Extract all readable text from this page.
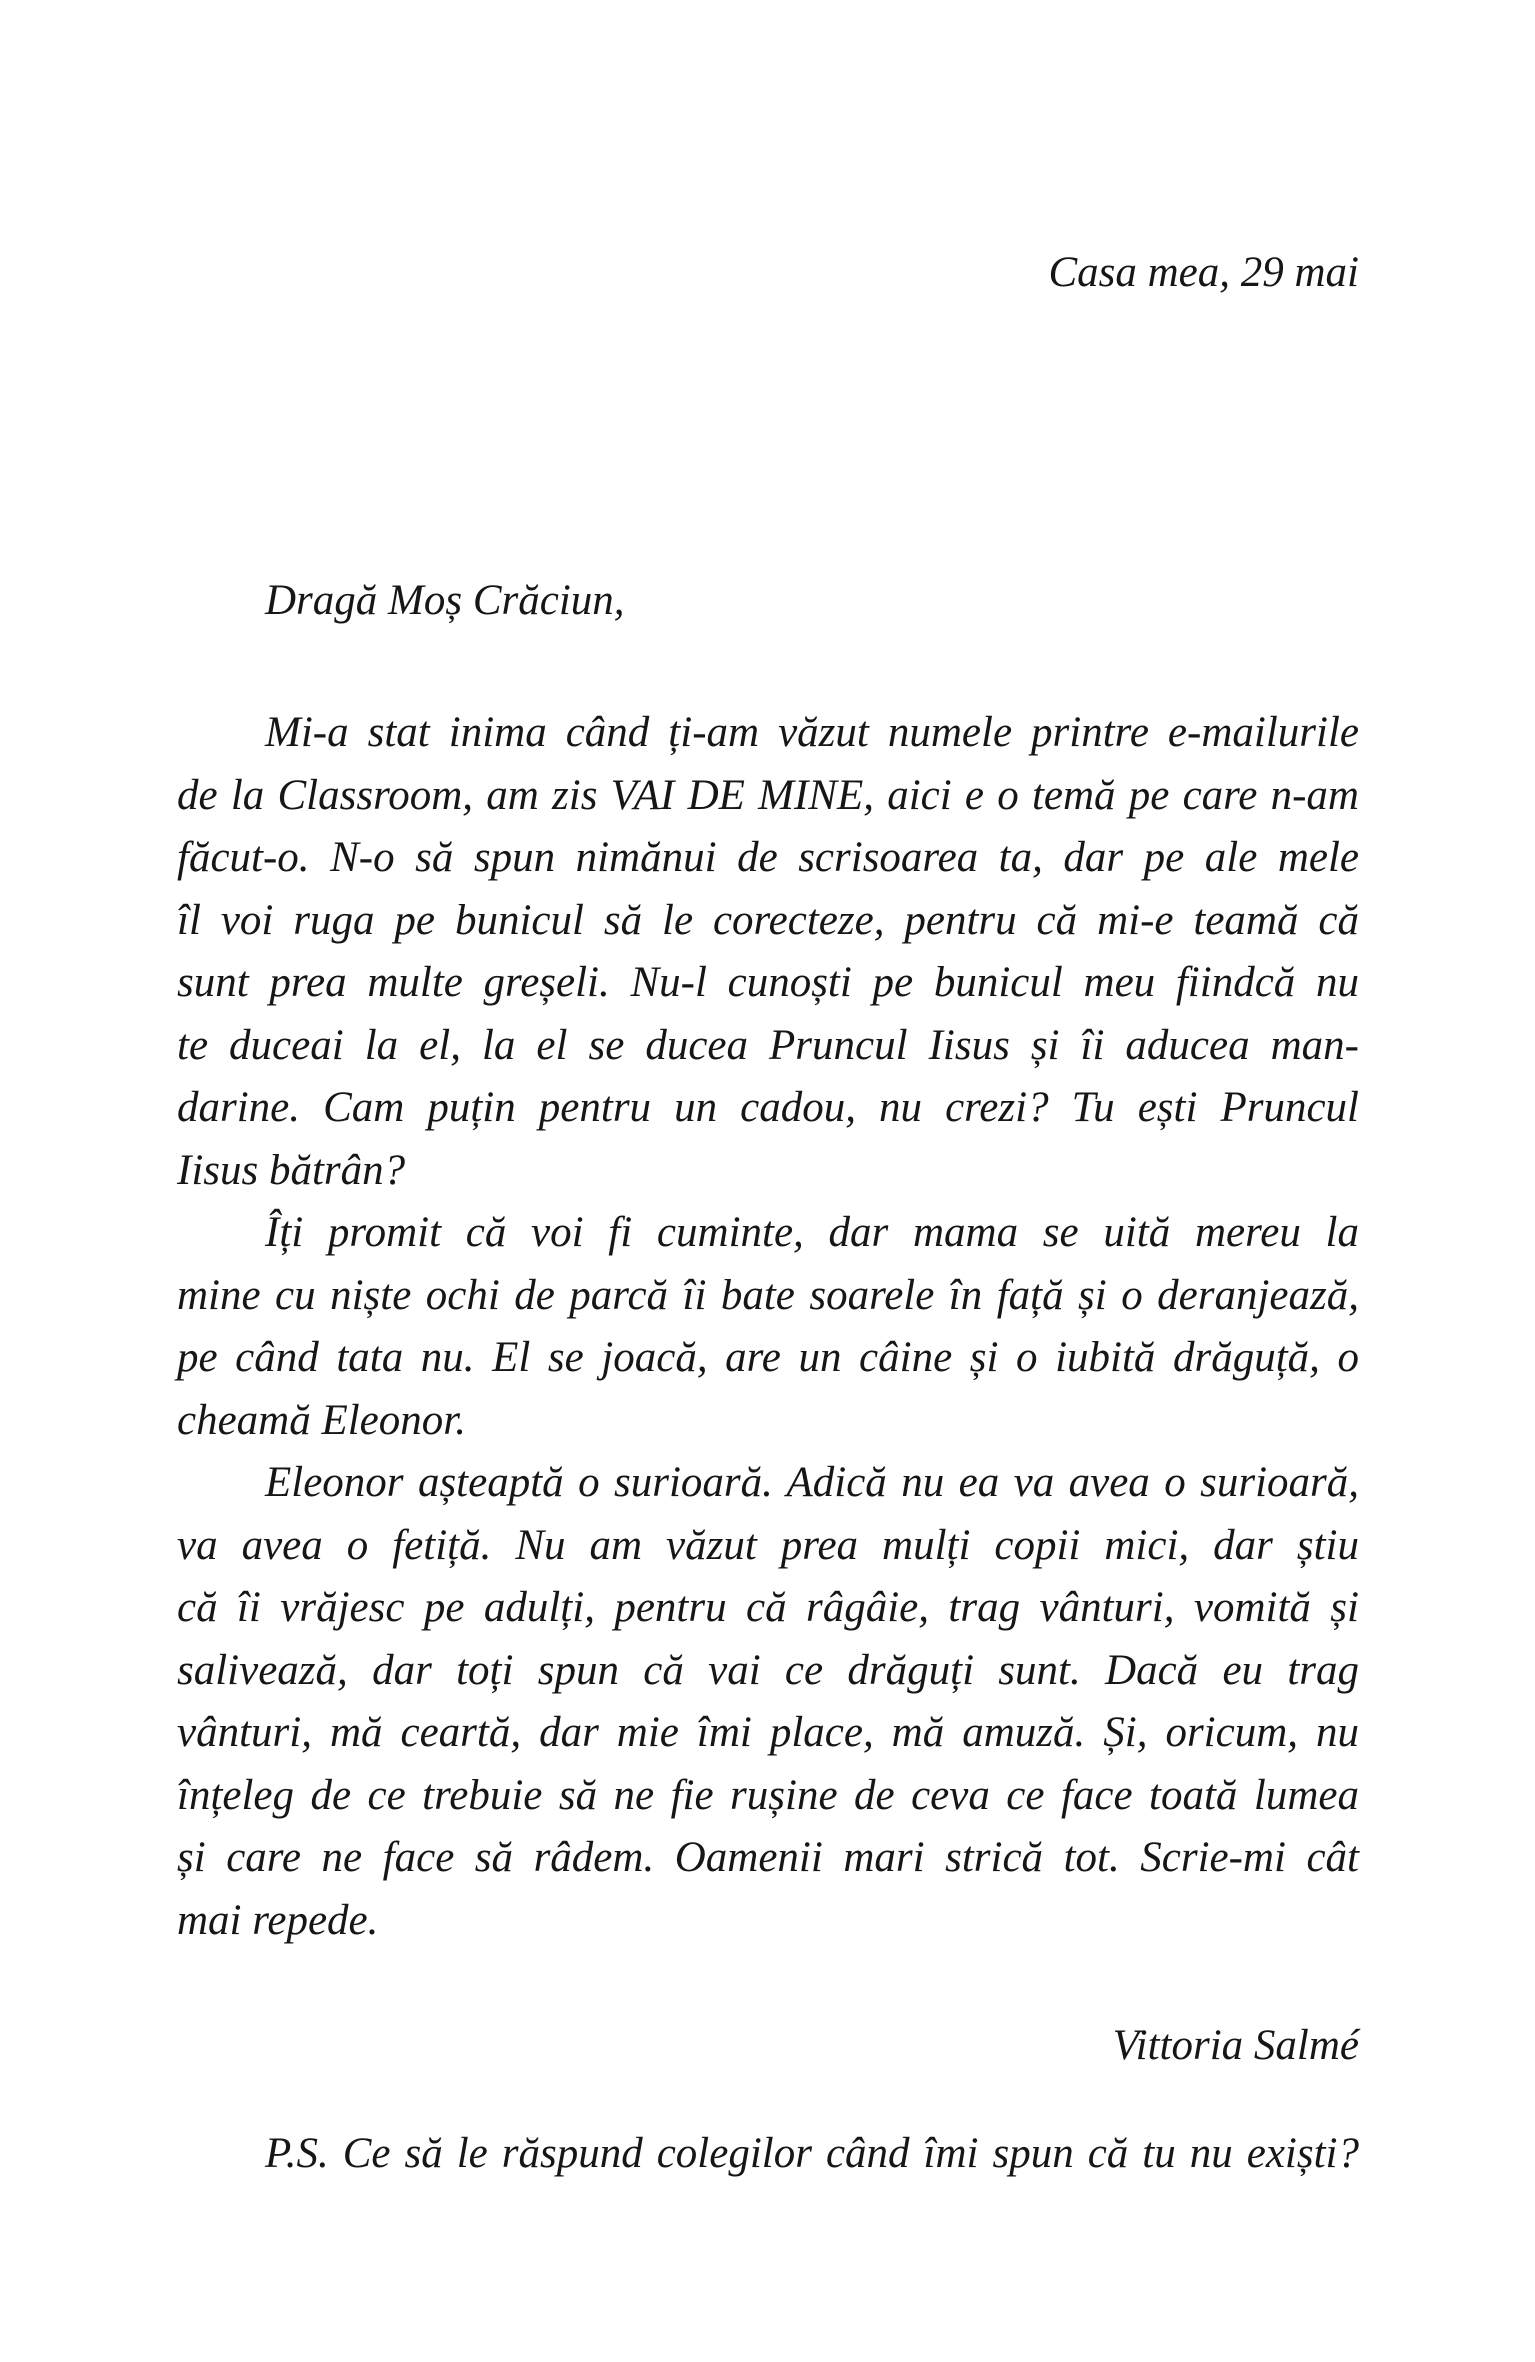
Casa mea, 29 mai
Dragă Moș Crăciun,
Mi-a stat inima când ți-am văzut numele printre e-mailurile
de la Classroom, am zis VAI DE MINE, aici e o temă pe care n-am
făcut-o. N-o să spun nimănui de scrisoarea ta, dar pe ale mele
îl voi ruga pe bunicul să le corecteze, pentru că mi-e teamă că
sunt prea multe greșeli. Nu-l cunoști pe bunicul meu fiindcă nu
te duceai la el, la el se ducea Pruncul Iisus și îi aducea man-
darine. Cam puțin pentru un cadou, nu crezi? Tu ești Pruncul
Iisus bătrân?
Îți promit că voi fi cuminte, dar mama se uită mereu la
mine cu niște ochi de parcă îi bate soarele în față și o deranjează,
pe când tata nu. El se joacă, are un câine și o iubită drăguță, o
cheamă Eleonor.
Eleonor așteaptă o surioară. Adică nu ea va avea o surioară,
va avea o fetiță. Nu am văzut prea mulți copii mici, dar știu
că îi vrăjesc pe adulți, pentru că râgâie, trag vânturi, vomită și
salivează, dar toți spun că vai ce drăguți sunt. Dacă eu trag
vânturi, mă ceartă, dar mie îmi place, mă amuză. Și, oricum, nu
înțeleg de ce trebuie să ne fie rușine de ceva ce face toată lumea
și care ne face să râdem. Oamenii mari strică tot. Scrie-mi cât
mai repede.
Vittoria Salmé
P.S. Ce să le răspund colegilor când îmi spun că tu nu exiști?
